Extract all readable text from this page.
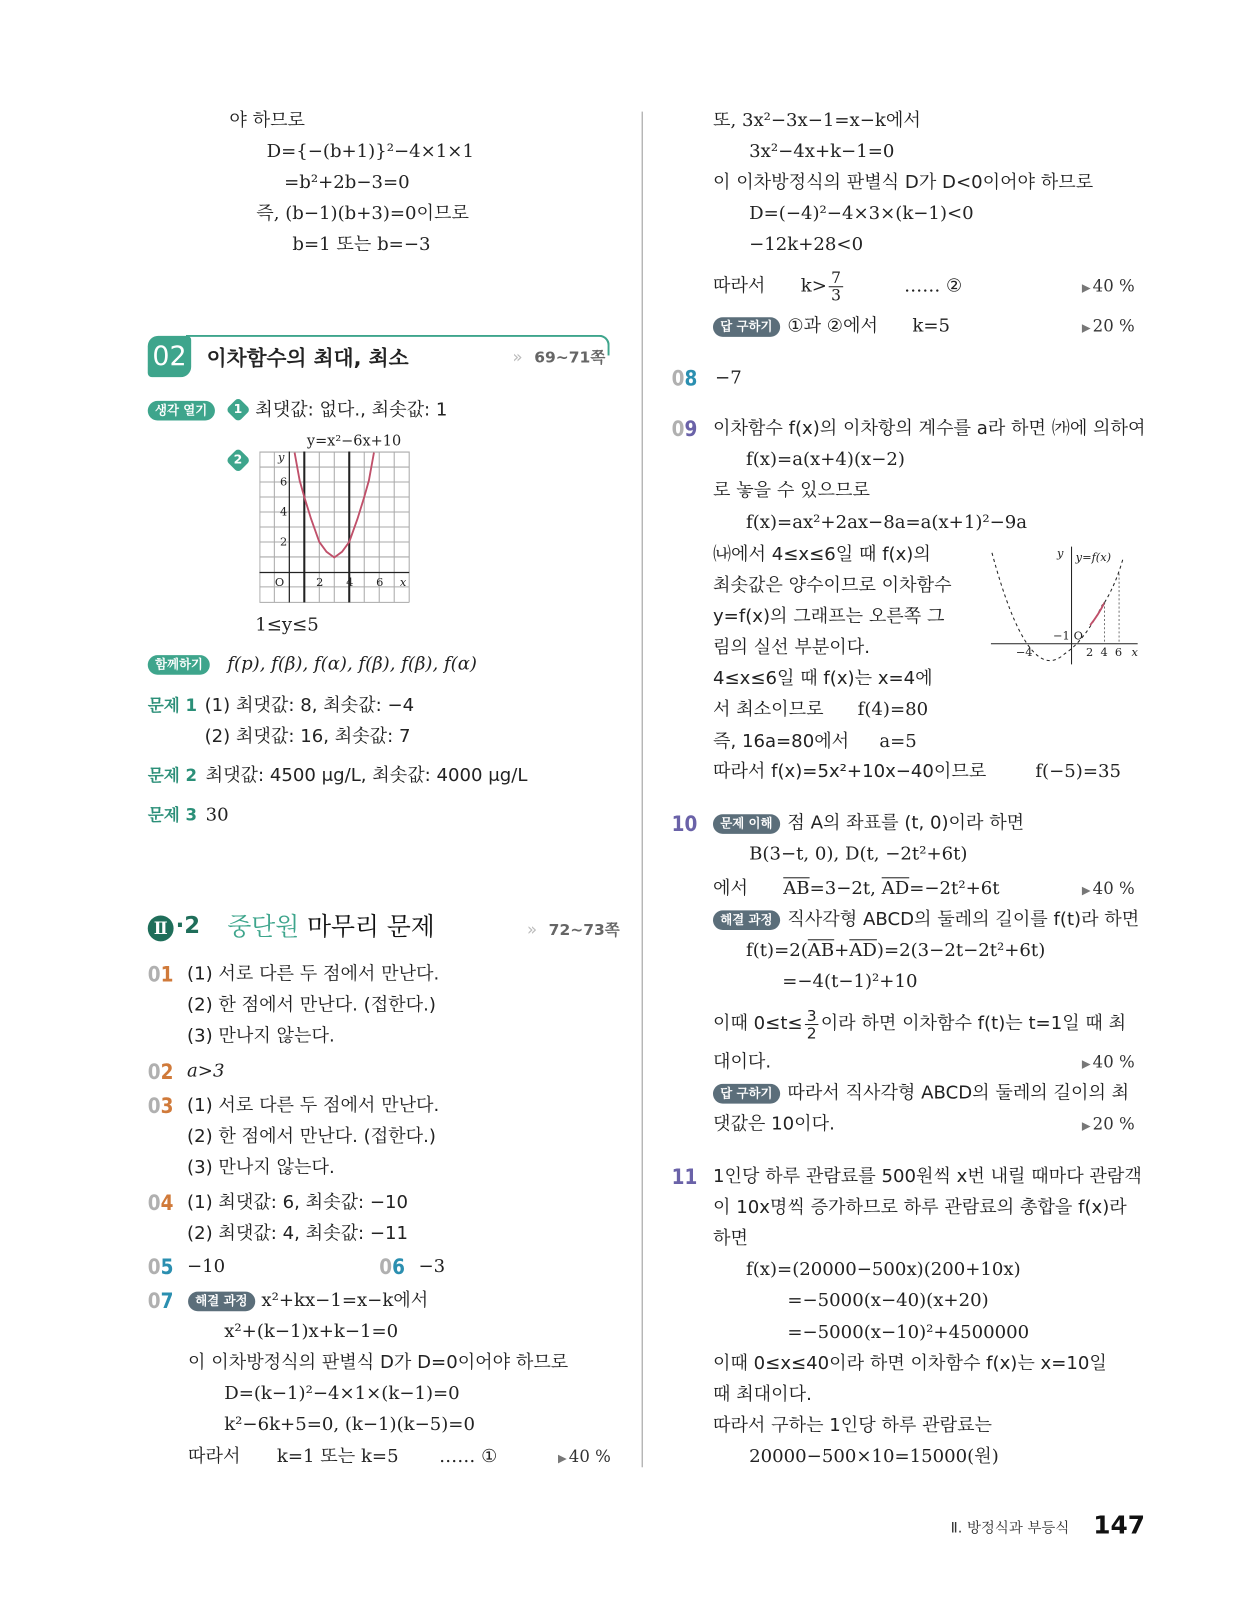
야 하므로
D={−(b+1)}²−4×1×1
=b²+2b−3=0
즉, (b−1)(b+3)=0이므로
b=1 또는 b=−3
02 이차함수의 최대, 최소	» 69~71쪽
생각 열기	1 최댓값: 없다., 최솟값: 1
2
y=x²−6x+10
6
4
2
O	2 4 6 x
y
1≤y≤5
함께하기	f(p), f(β), f(α), f(β), f(β), f(α)
문제 1 (1) 최댓값: 8, 최솟값: −4
(2) 최댓값: 16, 최솟값: 7
문제 2 최댓값: 4500 μg/L, 최솟값: 4000 μg/L
문제 3 30
Ⅱ ·2 중단원 마무리 문제	» 72~73쪽
01 (1) 서로 다른 두 점에서 만난다.
(2) 한 점에서 만난다. (접한다.)
(3) 만나지 않는다.
02 a>3
03 (1) 서로 다른 두 점에서 만난다.
(2) 한 점에서 만난다. (접한다.)
(3) 만나지 않는다.
04 (1) 최댓값: 6, 최솟값: −10
(2) 최댓값: 4, 최솟값: −11
05 −10	06 −3
07	해결 과정 x²+kx−1=x−k에서
x²+(k−1)x+k−1=0
이 이차방정식의 판별식 D가 D=0이어야 하므로
D=(k−1)²−4×1×(k−1)=0
k²−6k+5=0, (k−1)(k−5)=0
따라서 k=1 또는 k=5 …… ①	▶ 40 %
또, 3x²−3x−1=x−k에서
3x²−4x+k−1=0
이 이차방정식의 판별식 D가 D<0이어야 하므로
D=(−4)²−4×3×(k−1)<0
−12k+28<0
따라서 $k> \frac{7}{3}$	…… ②	▶ 40 %
답 구하기 ①과 ②에서 k=5	▶ 20 %
08 −7
09 이차함수 f(x)의 이차항의 계수를 a라 하면 ㈎에 의하여
f(x)=a(x+4)(x−2)
로 놓을 수 있으므로
f(x)=ax²+2ax−8a=a(x+1)²−9a
㈏에서 4≤x≤6일 때 f(x)의
최솟값은 양수이므로 이차함수
y=f(x)의 그래프는 오른쪽 그
림의 실선 부분이다.
4≤x≤6일 때 f(x)는 x=4에
서 최소이므로 f(4)=80
즉, 16a=80에서 a=5
따라서 f(x)=5x²+10x−40이므로	f(−5)=35
y y=f(x)
x
O
−4
−1
2 4 6
10	문제 이해 점 A의 좌표를 (t, 0)이라 하면
B(3−t, 0), D(t, −2t²+6t)
에서 $\overline{AB}=3-2t$, $\overline{AD}=-2t^2+6t$	▶ 40 %
해결 과정 직사각형 ABCD의 둘레의 길이를 f(t)라 하면
$f(t)=2(\overline{AB}+\overline{AD})=2(3-2t-2t^2+6t)$
=−4(t−1)²+10
이때 $0\le t\le \frac{3}{2}$ 이라 하면 이차함수 f(t)는 t=1일 때 최
대이다.	▶ 40 %
답 구하기 따라서 직사각형 ABCD의 둘레의 길이의 최
댓값은 10이다.	▶ 20 %
11 1인당 하루 관람료를 500원씩 x번 내릴 때마다 관람객
이 10x명씩 증가하므로 하루 관람료의 총합을 f(x)라
하면
f(x)=(20000−500x)(200+10x)
=−5000(x−40)(x+20)
=−5000(x−10)²+4500000
이때 0≤x≤40이라 하면 이차함수 f(x)는 x=10일
때 최대이다.
따라서 구하는 1인당 하루 관람료는
20000−500×10=15000(원)
Ⅱ. 방정식과 부등식 147
